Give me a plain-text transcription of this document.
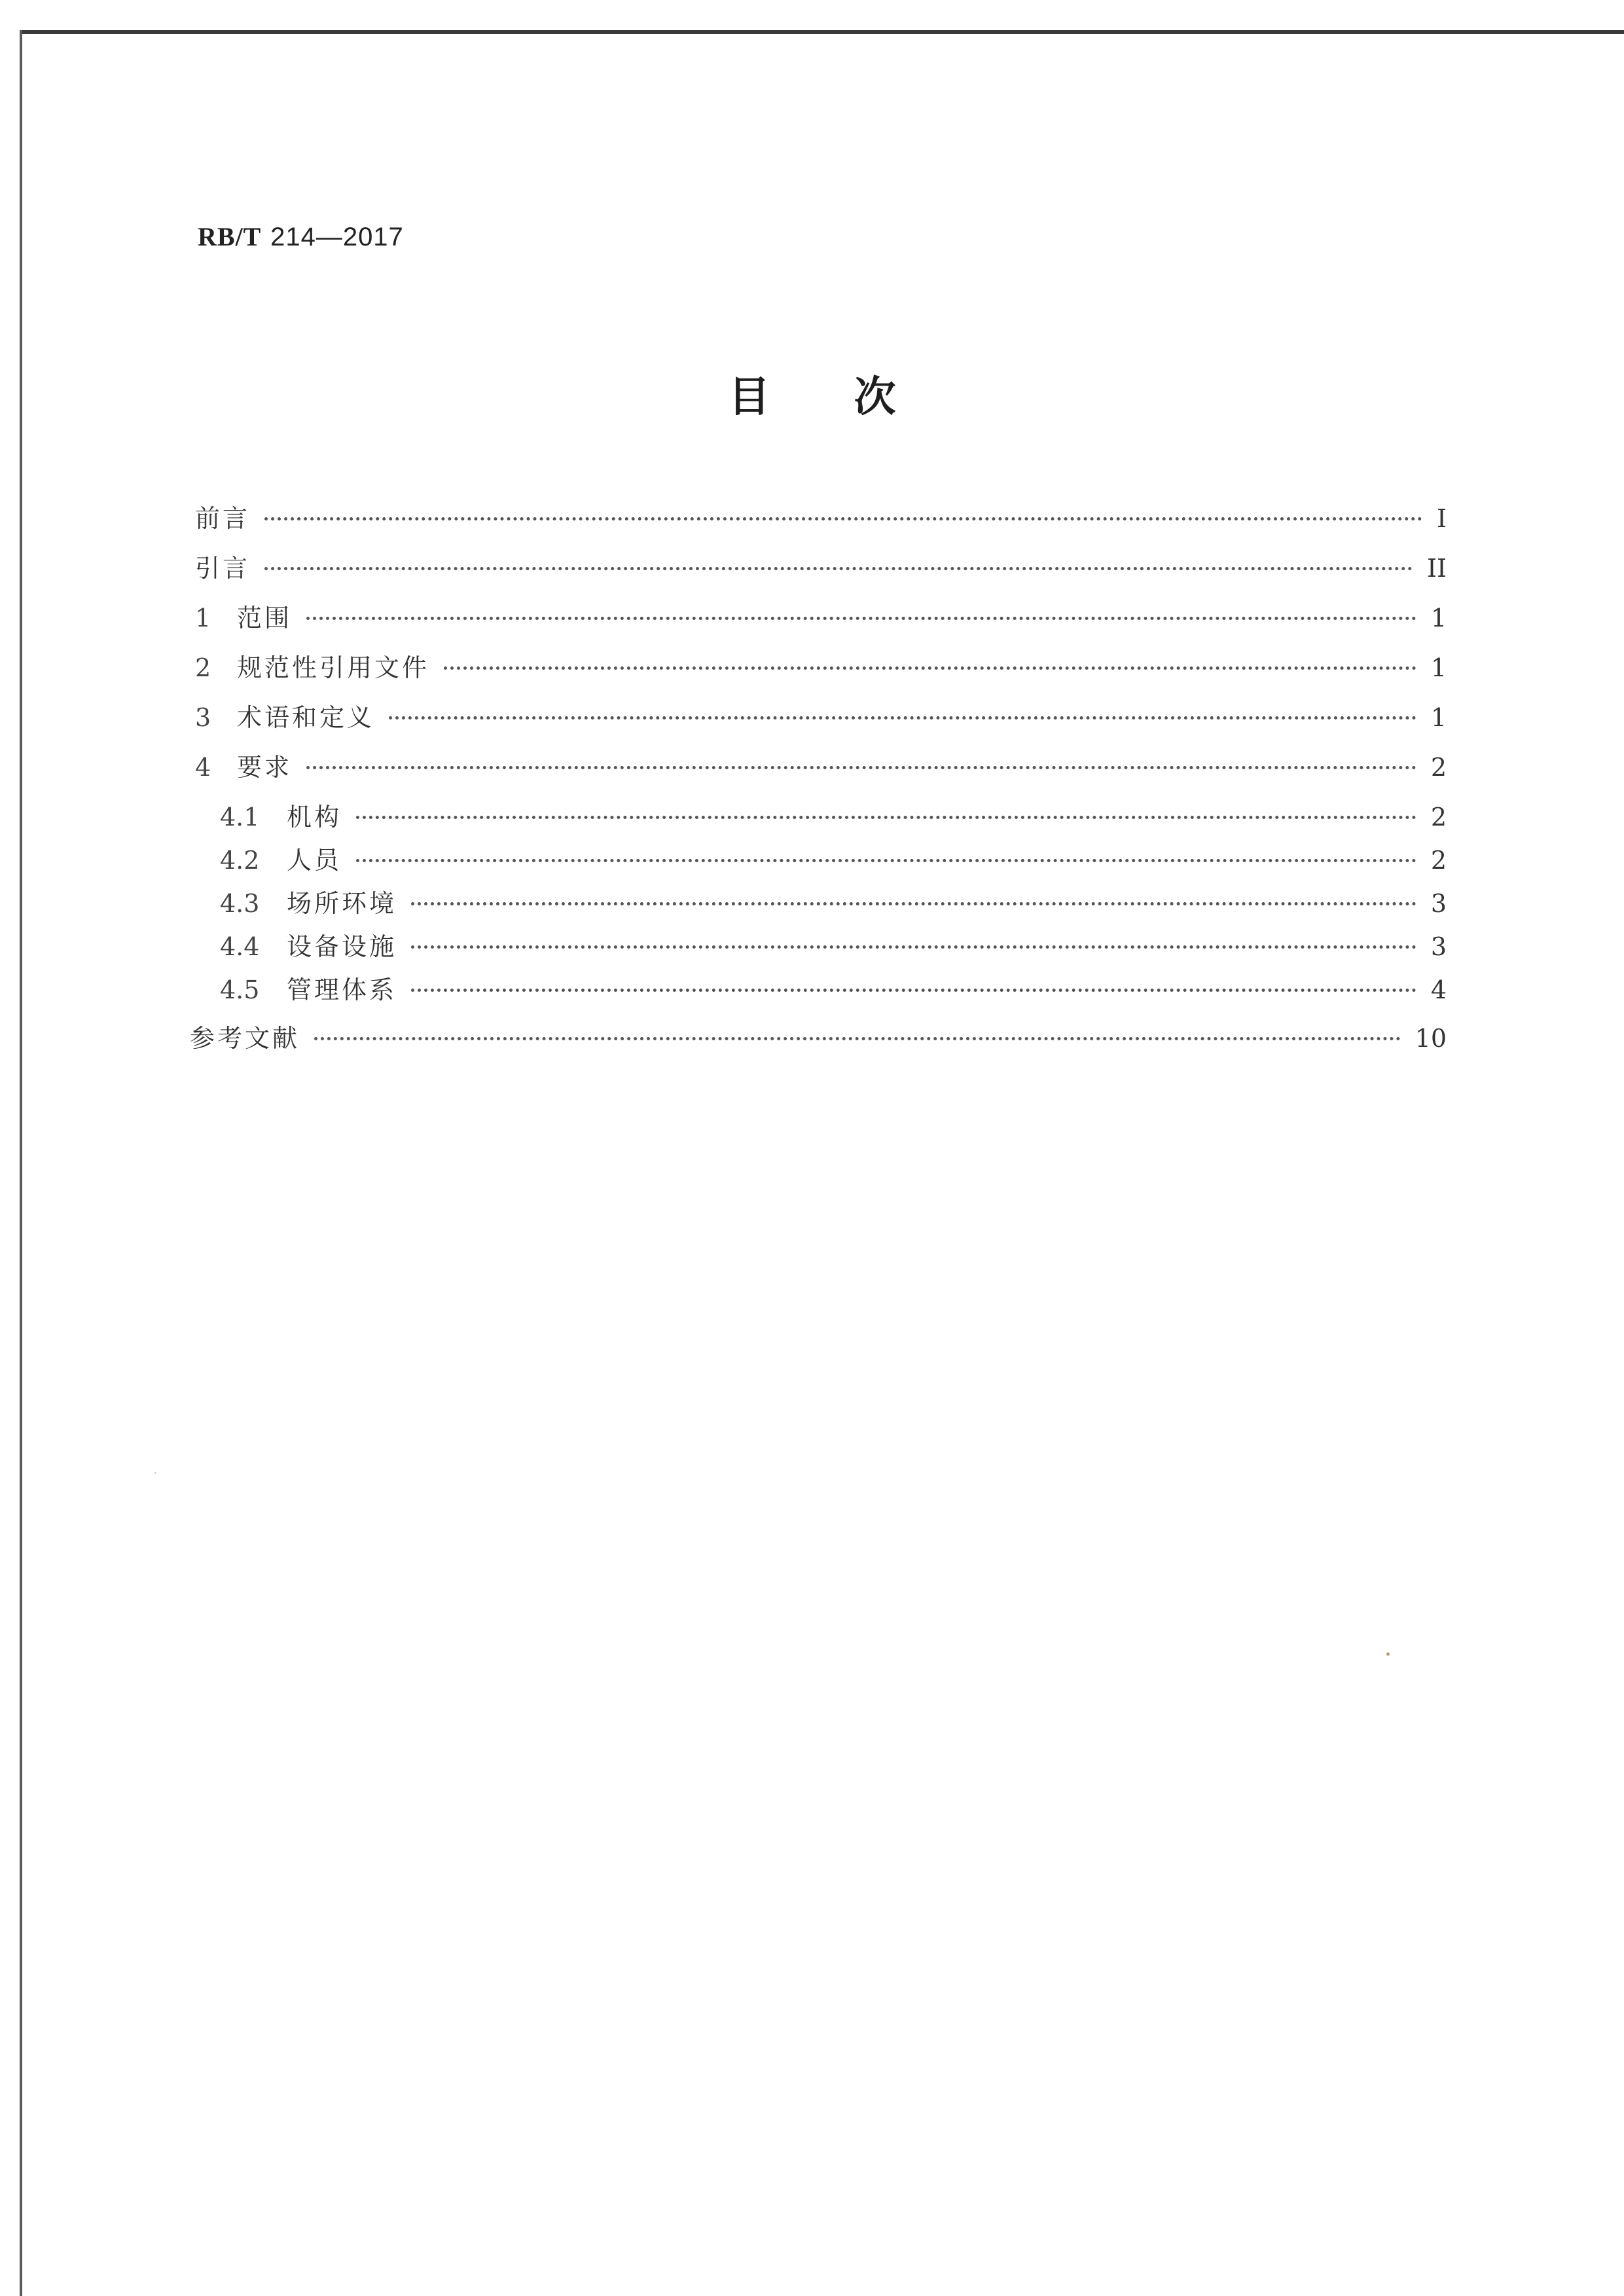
RB/T 214—2017
目次
前言	I
引言	II
1	范围	1
2	规范性引用文件	1
3	术语和定义	1
4	要求	2
4.1	机构	2
4.2	人员	2
4.3	场所环境	3
4.4	设备设施	3
4.5	管理体系	4
参考文献	10
